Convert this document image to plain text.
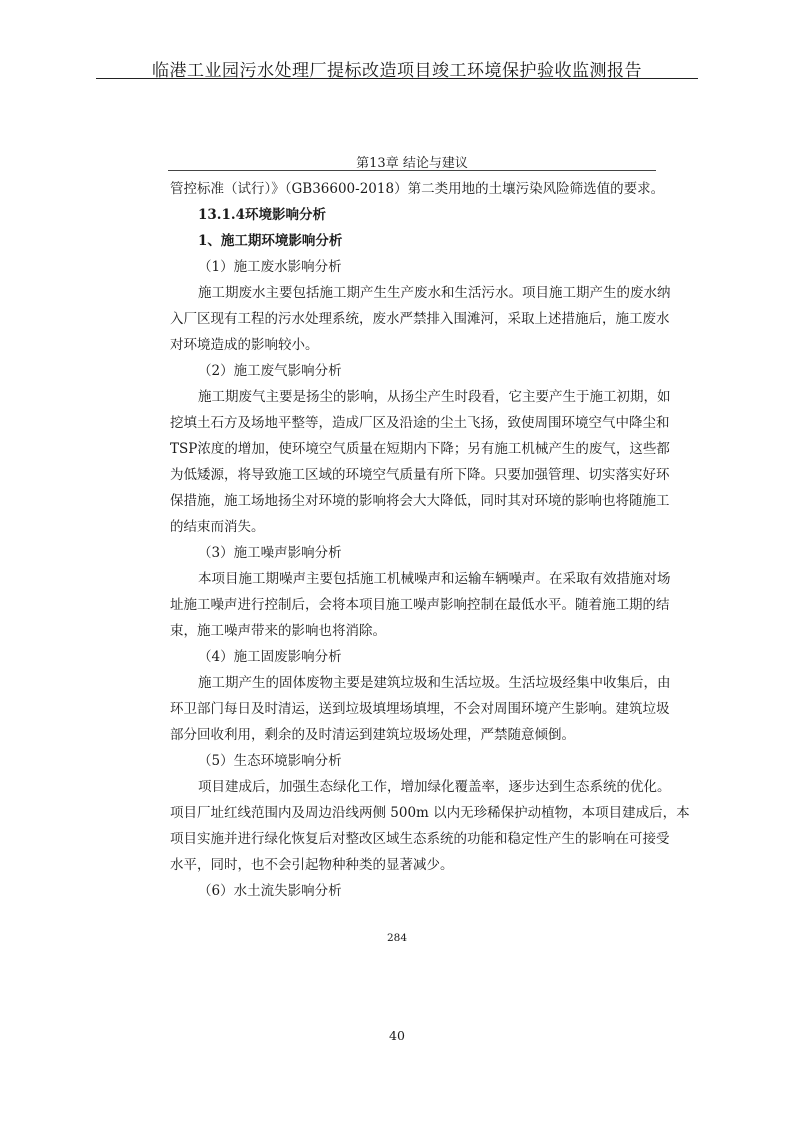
临港工业园污水处理厂提标改造项目竣工环境保护验收监测报告
第13章 结论与建议
管控标准（试行）》（GB36600-2018）第二类用地的土壤污染风险筛选值的要求。
13.1.4环境影响分析
1、施工期环境影响分析
（1）施工废水影响分析
施工期废水主要包括施工期产生生产废水和生活污水。项目施工期产生的废水纳
入厂区现有工程的污水处理系统，废水严禁排入围滩河，采取上述措施后，施工废水
对环境造成的影响较小。
（2）施工废气影响分析
施工期废气主要是扬尘的影响，从扬尘产生时段看，它主要产生于施工初期，如
挖填土石方及场地平整等，造成厂区及沿途的尘土飞扬，致使周围环境空气中降尘和
TSP浓度的增加，使环境空气质量在短期内下降；另有施工机械产生的废气，这些都
为低矮源，将导致施工区域的环境空气质量有所下降。只要加强管理、切实落实好环
保措施，施工场地扬尘对环境的影响将会大大降低，同时其对环境的影响也将随施工
的结束而消失。
（3）施工噪声影响分析
本项目施工期噪声主要包括施工机械噪声和运输车辆噪声。在采取有效措施对场
址施工噪声进行控制后，会将本项目施工噪声影响控制在最低水平。随着施工期的结
束，施工噪声带来的影响也将消除。
（4）施工固废影响分析
施工期产生的固体废物主要是建筑垃圾和生活垃圾。生活垃圾经集中收集后，由
环卫部门每日及时清运，送到垃圾填埋场填埋，不会对周围环境产生影响。建筑垃圾
部分回收利用，剩余的及时清运到建筑垃圾场处理，严禁随意倾倒。
（5）生态环境影响分析
项目建成后，加强生态绿化工作，增加绿化覆盖率，逐步达到生态系统的优化。
项目厂址红线范围内及周边沿线两侧 500m 以内无珍稀保护动植物，本项目建成后，本
项目实施并进行绿化恢复后对整改区域生态系统的功能和稳定性产生的影响在可接受
水平，同时，也不会引起物种种类的显著减少。
（6）水土流失影响分析
284
40
